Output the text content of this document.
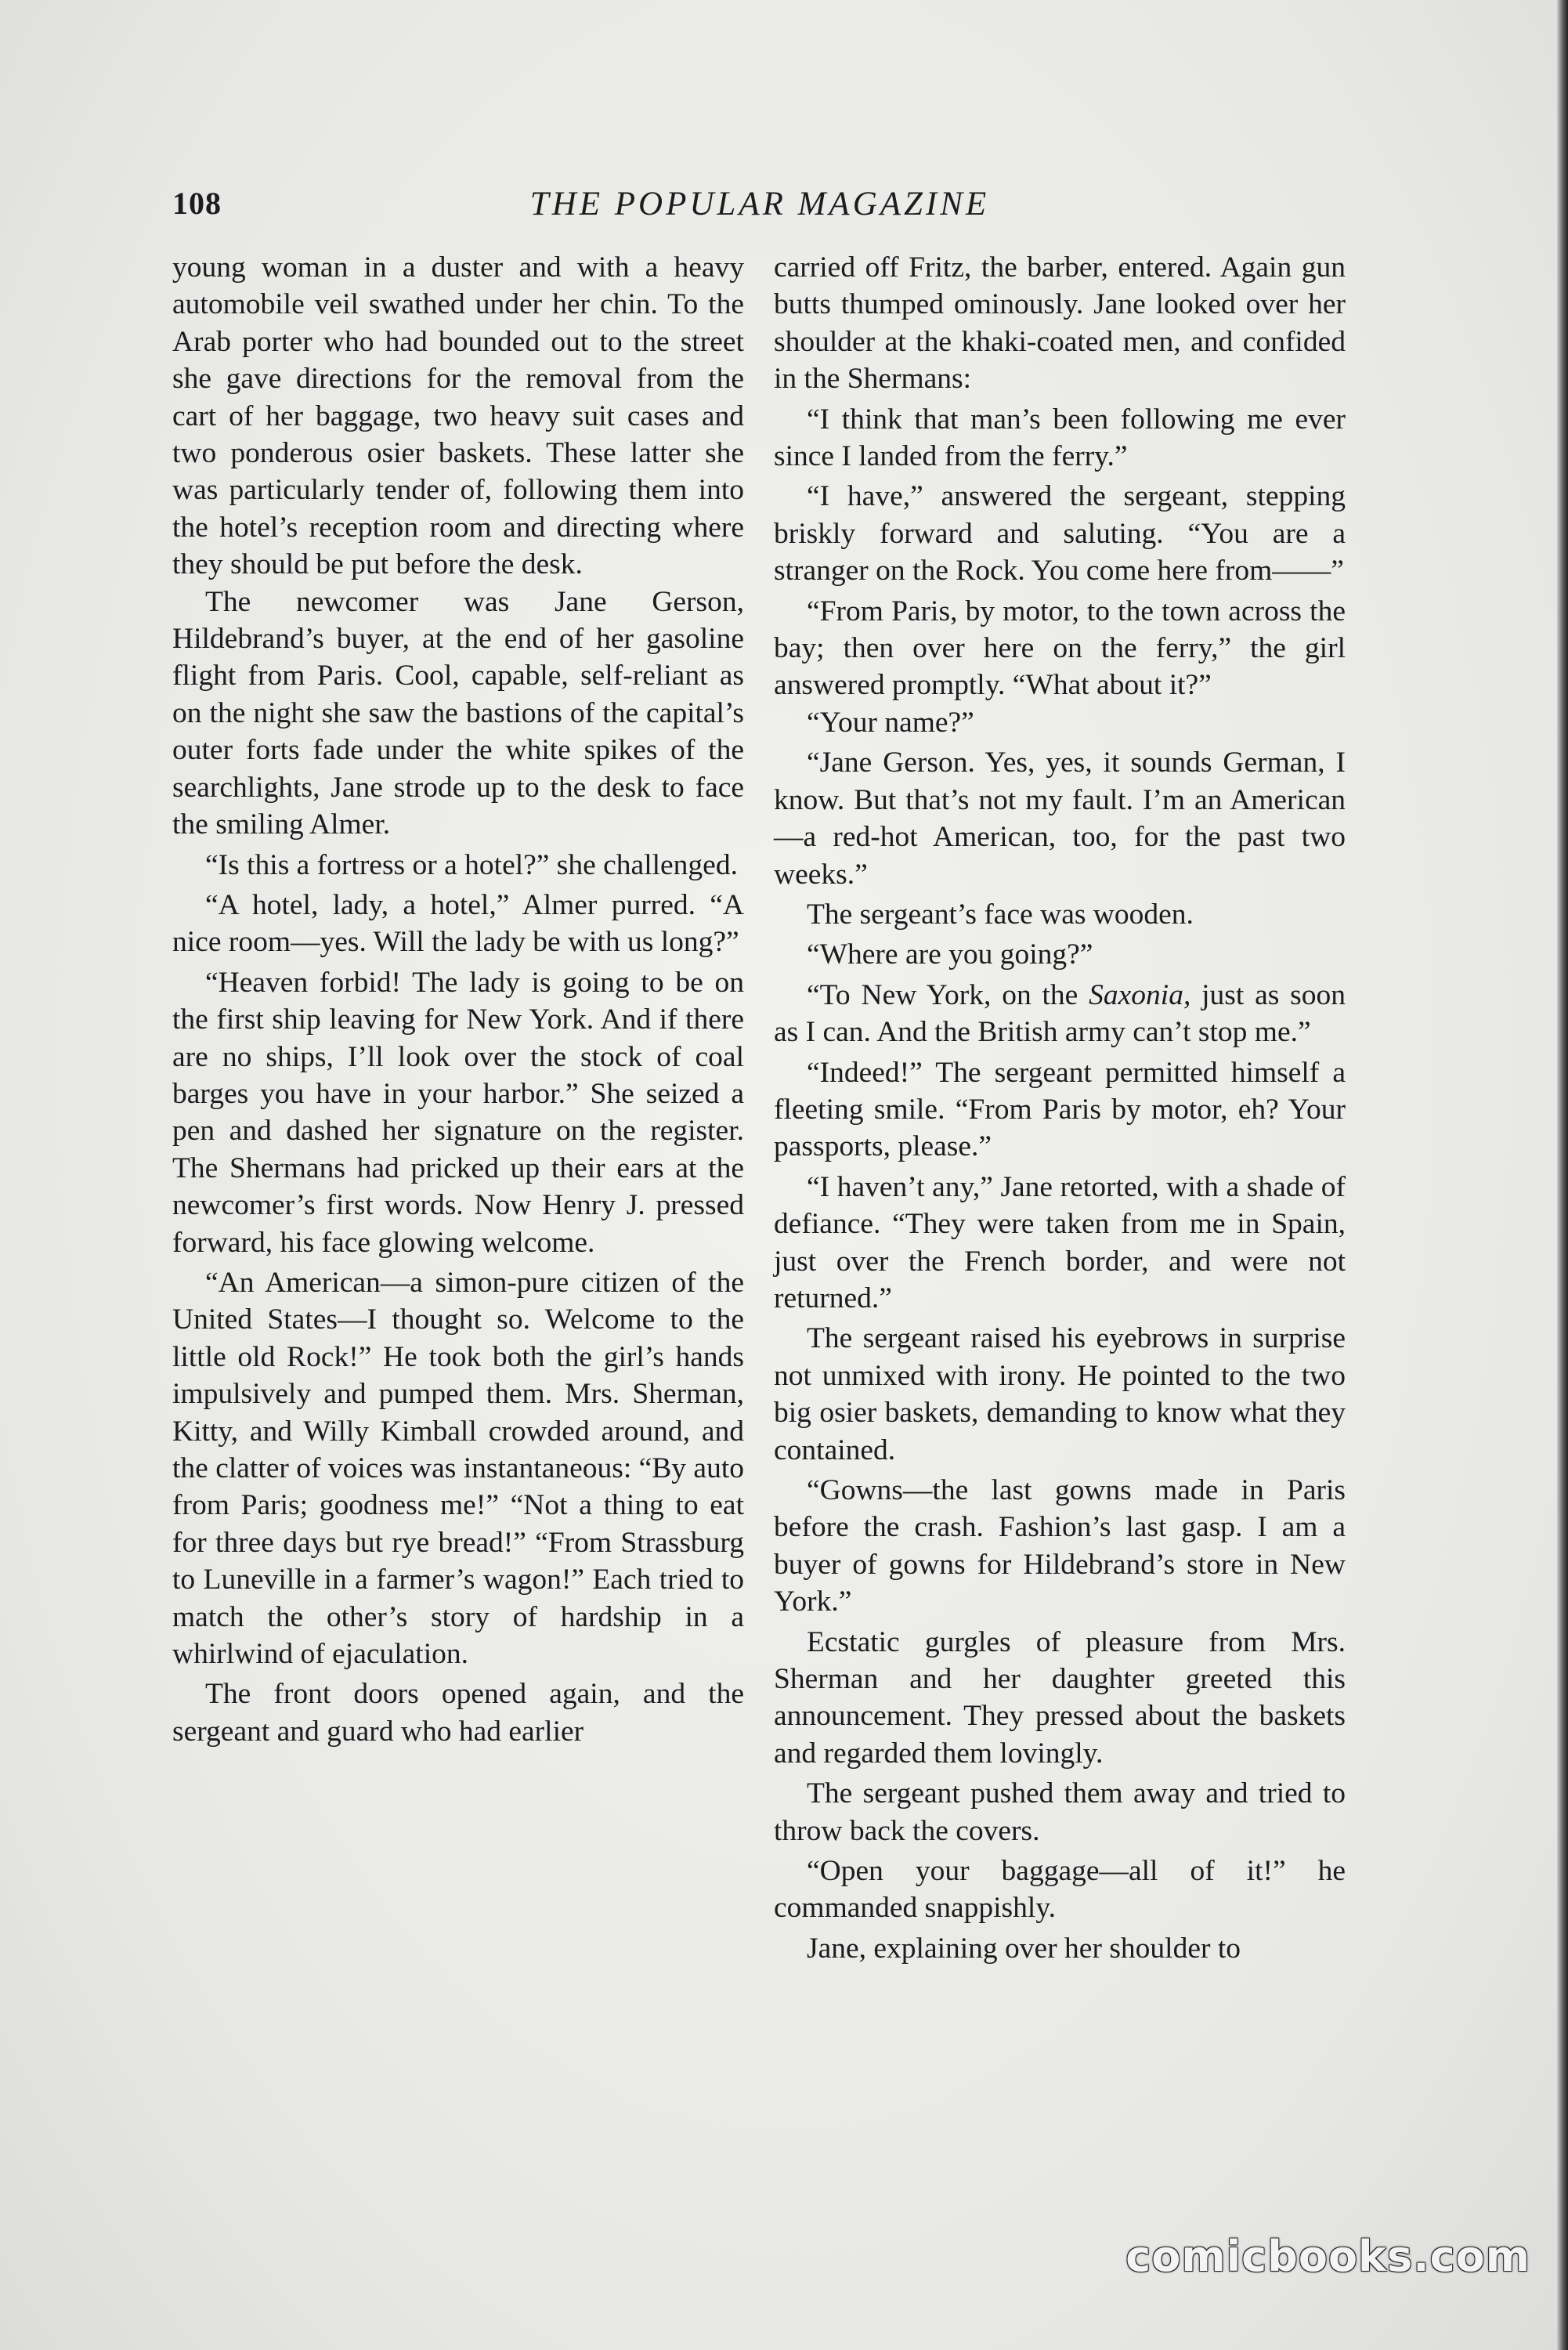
108	THE POPULAR MAGAZINE

young woman in a duster and with a heavy automobile veil swathed under her chin. To the Arab porter who had bounded out to the street she gave directions for the removal from the cart of her baggage, two heavy suit cases and two ponderous osier baskets. These latter she was particularly tender of, following them into the hotel’s reception room and directing where they should be put before the desk.

The newcomer was Jane Gerson, Hildebrand’s buyer, at the end of her gasoline flight from Paris. Cool, capable, self-reliant as on the night she saw the bastions of the capital’s outer forts fade under the white spikes of the searchlights, Jane strode up to the desk to face the smiling Almer.

“Is this a fortress or a hotel?” she challenged.

“A hotel, lady, a hotel,” Almer purred. “A nice room—yes. Will the lady be with us long?”

“Heaven forbid! The lady is going to be on the first ship leaving for New York. And if there are no ships, I’ll look over the stock of coal barges you have in your harbor.” She seized a pen and dashed her signature on the register. The Shermans had pricked up their ears at the newcomer’s first words. Now Henry J. pressed forward, his face glowing welcome.

“An American—a simon-pure citizen of the United States—I thought so. Welcome to the little old Rock!” He took both the girl’s hands impulsively and pumped them. Mrs. Sherman, Kitty, and Willy Kimball crowded around, and the clatter of voices was instantaneous: “By auto from Paris; goodness me!” “Not a thing to eat for three days but rye bread!” “From Strassburg to Luneville in a farmer’s wagon!” Each tried to match the other’s story of hardship in a whirlwind of ejaculation.

The front doors opened again, and the sergeant and guard who had earlier

carried off Fritz, the barber, entered. Again gun butts thumped ominously. Jane looked over her shoulder at the khaki-coated men, and confided in the Shermans:

“I think that man’s been following me ever since I landed from the ferry.”

“I have,” answered the sergeant, stepping briskly forward and saluting. “You are a stranger on the Rock. You come here from——”

“From Paris, by motor, to the town across the bay; then over here on the ferry,” the girl answered promptly. “What about it?”

“Your name?”

“Jane Gerson. Yes, yes, it sounds German, I know. But that’s not my fault. I’m an American—a red-hot American, too, for the past two weeks.”

The sergeant’s face was wooden.

“Where are you going?”

“To New York, on the Saxonia, just as soon as I can. And the British army can’t stop me.”

“Indeed!” The sergeant permitted himself a fleeting smile. “From Paris by motor, eh? Your passports, please.”

“I haven’t any,” Jane retorted, with a shade of defiance. “They were taken from me in Spain, just over the French border, and were not returned.”

The sergeant raised his eyebrows in surprise not unmixed with irony. He pointed to the two big osier baskets, demanding to know what they contained.

“Gowns—the last gowns made in Paris before the crash. Fashion’s last gasp. I am a buyer of gowns for Hildebrand’s store in New York.”

Ecstatic gurgles of pleasure from Mrs. Sherman and her daughter greeted this announcement. They pressed about the baskets and regarded them lovingly.

The sergeant pushed them away and tried to throw back the covers.

“Open your baggage—all of it!” he commanded snappishly.

Jane, explaining over her shoulder to

comicbooks.com
